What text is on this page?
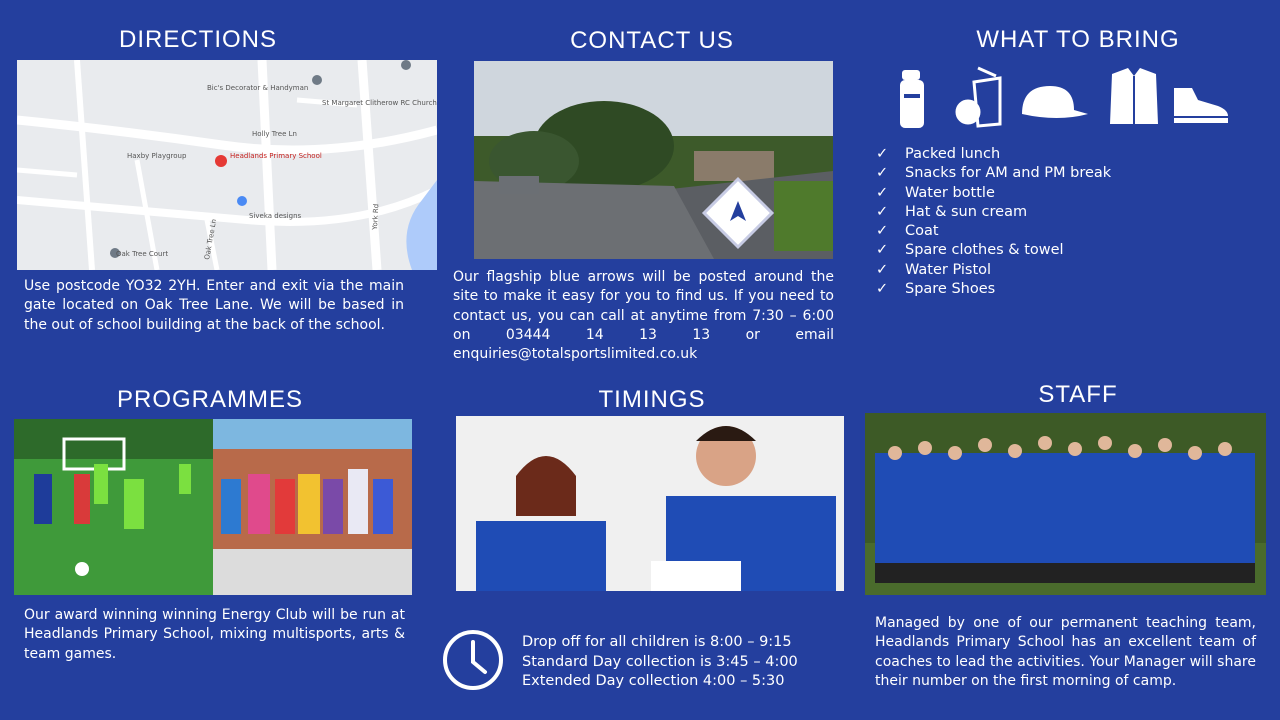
DIRECTIONS
Headlands Primary School
Haxby Playgroup
Bic's Decorator & Handyman
St Margaret Clitherow RC Church
Holly Tree Ln
Oak Tree Court
Siveka designs
Oak Tree Ln
York Rd
Use postcode YO32 2YH. Enter and exit via the main gate located on Oak Tree Lane. We will be based in the out of school building at the back of the school.
CONTACT US
Our flagship blue arrows will be posted around the site to make it easy for you to find us. If you need to contact us, you can call at anytime from 7:30 – 6:00 on 03444 14 13 13 or email enquiries@totalsportslimited.co.uk
WHAT TO BRING
✓ Packed lunch
✓ Snacks for AM and PM break
✓ Water bottle
✓ Hat & sun cream
✓ Coat
✓ Spare clothes & towel
✓ Water Pistol
✓ Spare Shoes
PROGRAMMES
Our award winning winning Energy Club will be run at Headlands Primary School, mixing multisports, arts & team games.
TIMINGS
Drop off for all children is 8:00 – 9:15
Standard Day collection is 3:45 – 4:00
Extended Day collection 4:00 – 5:30
STAFF
Managed by one of our permanent teaching team, Headlands Primary School has an excellent team of coaches to lead the activities. Your Manager will share their number on the first morning of camp.
